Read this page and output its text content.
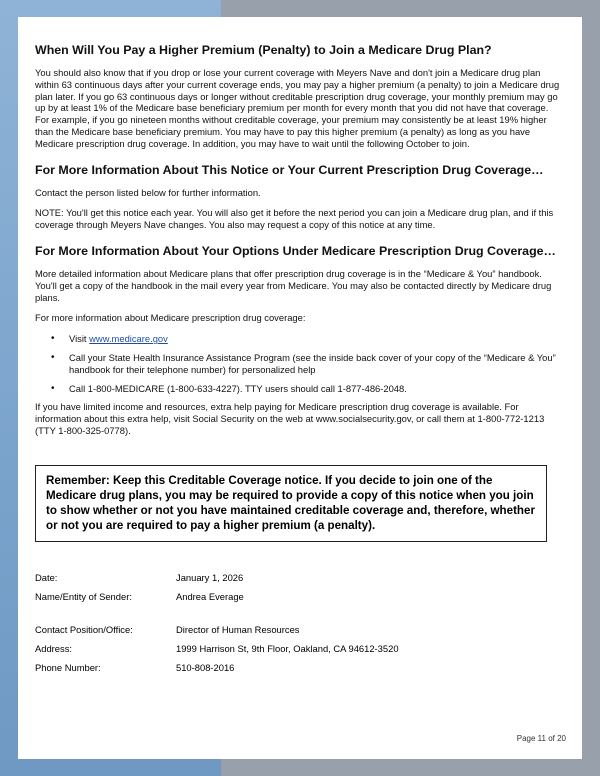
When Will You Pay a Higher Premium (Penalty) to Join a Medicare Drug Plan?

You should also know that if you drop or lose your current coverage with Meyers Nave and don't join a Medicare drug plan within 63 continuous days after your current coverage ends, you may pay a higher premium (a penalty) to join a Medicare drug plan later. If you go 63 continuous days or longer without creditable prescription drug coverage, your monthly premium may go up by at least 1% of the Medicare base beneficiary premium per month for every month that you did not have that coverage. For example, if you go nineteen months without creditable coverage, your premium may consistently be at least 19% higher than the Medicare base beneficiary premium. You may have to pay this higher premium (a penalty) as long as you have Medicare prescription drug coverage. In addition, you may have to wait until the following October to join.

For More Information About This Notice or Your Current Prescription Drug Coverage…

Contact the person listed below for further information.

NOTE: You'll get this notice each year. You will also get it before the next period you can join a Medicare drug plan, and if this coverage through Meyers Nave changes. You also may request a copy of this notice at any time.

For More Information About Your Options Under Medicare Prescription Drug Coverage…

More detailed information about Medicare plans that offer prescription drug coverage is in the “Medicare & You” handbook. You'll get a copy of the handbook in the mail every year from Medicare. You may also be contacted directly by Medicare drug plans.

For more information about Medicare prescription drug coverage:

• Visit www.medicare.gov
• Call your State Health Insurance Assistance Program (see the inside back cover of your copy of the “Medicare & You” handbook for their telephone number) for personalized help
• Call 1-800-MEDICARE (1-800-633-4227). TTY users should call 1-877-486-2048.

If you have limited income and resources, extra help paying for Medicare prescription drug coverage is available. For information about this extra help, visit Social Security on the web at www.socialsecurity.gov, or call them at 1-800-772-1213 (TTY 1-800-325-0778).

Remember: Keep this Creditable Coverage notice. If you decide to join one of the Medicare drug plans, you may be required to provide a copy of this notice when you join to show whether or not you have maintained creditable coverage and, therefore, whether or not you are required to pay a higher premium (a penalty).

Date:	January 1, 2026
Name/Entity of Sender:	Andrea Everage
Contact Position/Office:	Director of Human Resources
Address:	1999 Harrison St, 9th Floor, Oakland, CA 94612-3520
Phone Number:	510-808-2016
Page 11 of 20
